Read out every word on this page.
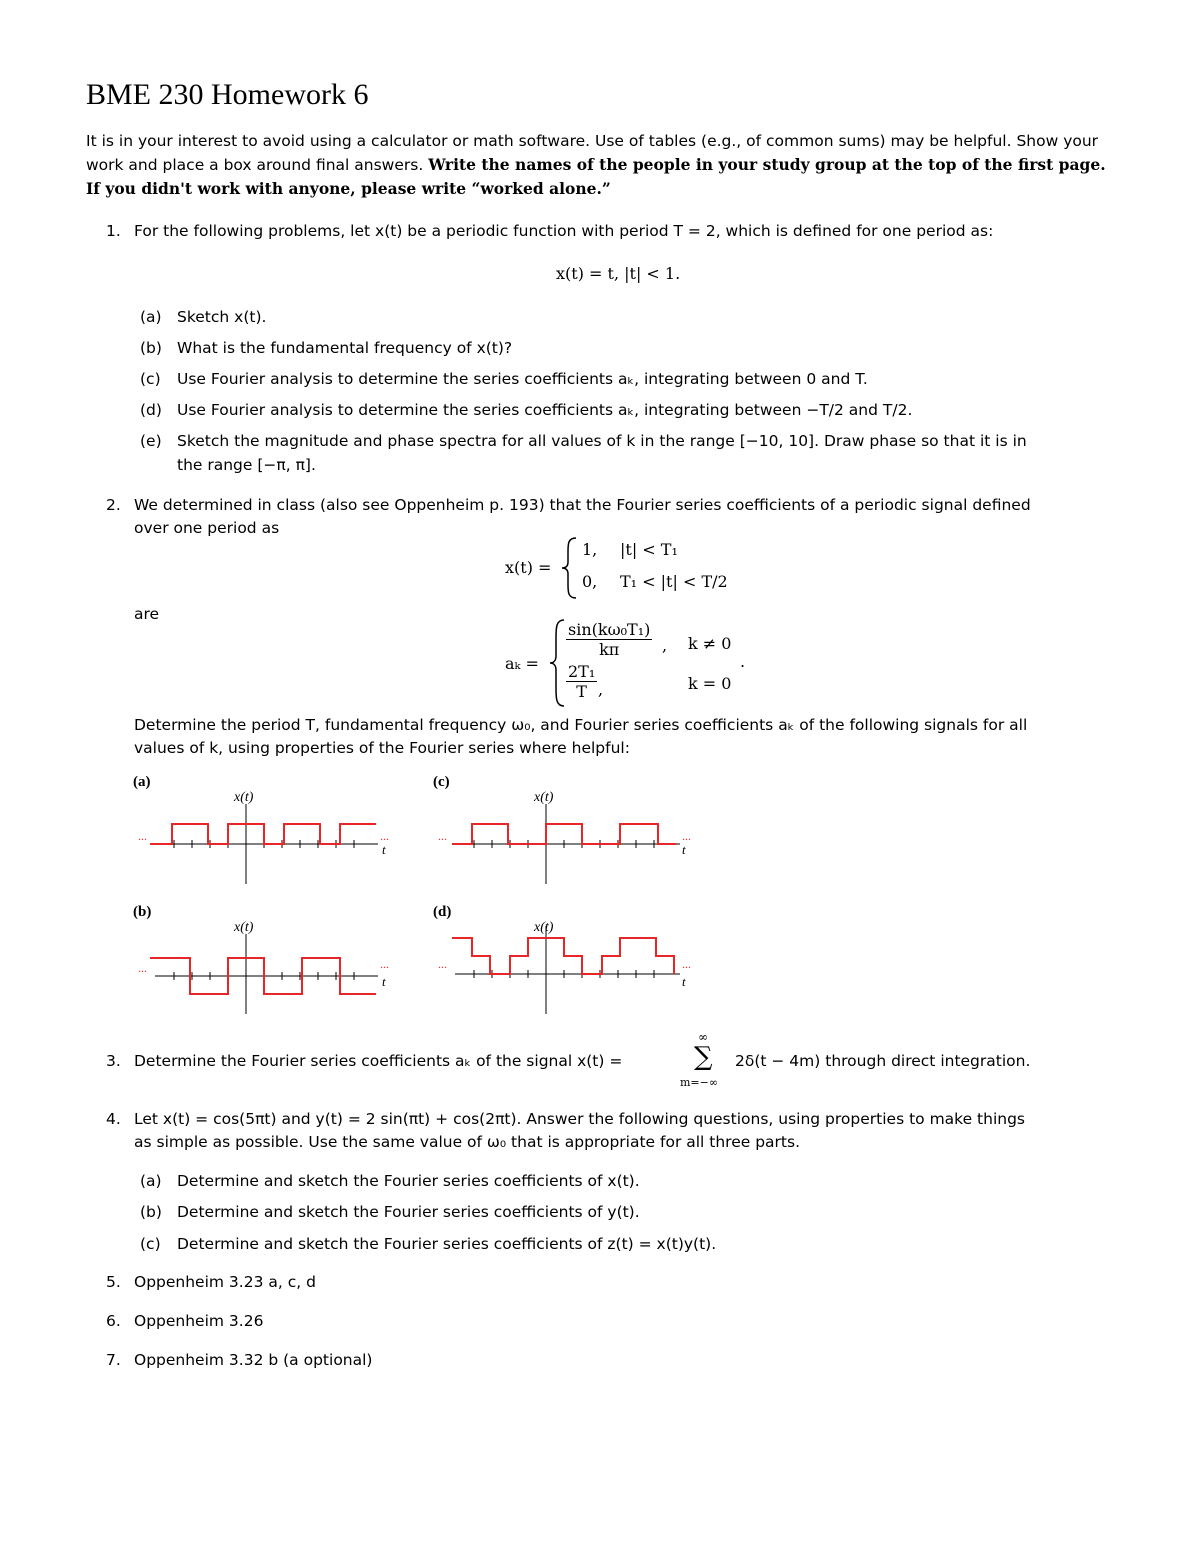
BME 230 Homework 6
It is in your interest to avoid using a calculator or math software. Use of tables (e.g., of common sums) may be helpful. Show your work and place a box around final answers. Write the names of the people in your study group at the top of the first page. If you didn't work with anyone, please write “worked alone.”
1. For the following problems, let x(t) be a periodic function with period T = 2, which is defined for one period as:
x(t) = t, |t| < 1.
(a) Sketch x(t).
(b) What is the fundamental frequency of x(t)?
(c) Use Fourier analysis to determine the series coefficients aₖ, integrating between 0 and T.
(d) Use Fourier analysis to determine the series coefficients aₖ, integrating between −T/2 and T/2.
(e) Sketch the magnitude and phase spectra for all values of k in the range [−10, 10]. Draw phase so that it is in
the range [−π, π].
2. We determined in class (also see Oppenheim p. 193) that the Fourier series coefficients of a periodic signal defined
over one period as
x(t) =
1, |t| < T₁
0, T₁ < |t| < T/2
are
aₖ =
$\frac{\text{sin(kω₀T₁)}}{k\pi}$ , k ≠ 0
$\frac{\text{2T₁}}{T}$ ,	k = 0
.
Determine the period T, fundamental frequency ω₀, and Fourier series coefficients aₖ of the following signals for all
values of k, using properties of the Fourier series where helpful:
(a)	(c)
(b)	(d)
x(t)
t
...	...
x(t)
t
...	...
x(t)
t
...	...
x(t)
t
...	...
3. Determine the Fourier series coefficients aₖ of the signal x(t) =
∞
∑
m=−∞
2δ(t − 4m) through direct integration.
4. Let x(t) = cos(5πt) and y(t) = 2 sin(πt) + cos(2πt). Answer the following questions, using properties to make things
as simple as possible. Use the same value of ω₀ that is appropriate for all three parts.
(a) Determine and sketch the Fourier series coefficients of x(t).
(b) Determine and sketch the Fourier series coefficients of y(t).
(c) Determine and sketch the Fourier series coefficients of z(t) = x(t)y(t).
5. Oppenheim 3.23 a, c, d
6. Oppenheim 3.26
7. Oppenheim 3.32 b (a optional)
